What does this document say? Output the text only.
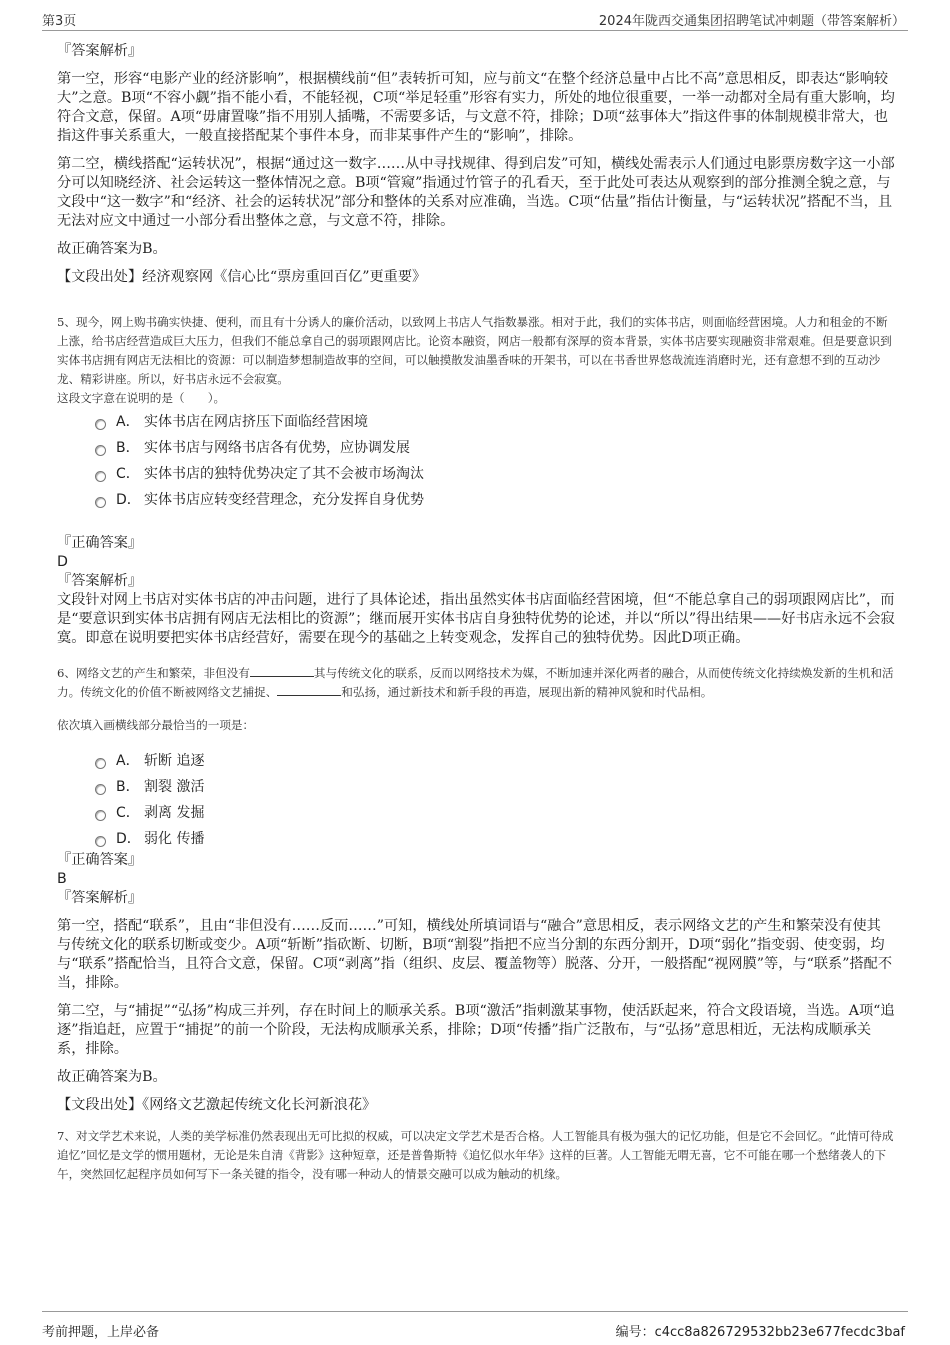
第3页	2024年陇西交通集团招聘笔试冲刺题（带答案解析）

『答案解析』

第一空，形容“电影产业的经济影响”，根据横线前“但”表转折可知，应与前文“在整个经济总量中占比不高”意思相反，即表达“影响较大”之意。B项“不容小觑”指不能小看，不能轻视，C项“举足轻重”形容有实力，所处的地位很重要，一举一动都对全局有重大影响，均符合文意，保留。A项“毋庸置喙”指不用别人插嘴，不需要多话，与文意不符，排除；D项“兹事体大”指这件事的体制规模非常大，也指这件事关系重大，一般直接搭配某个事件本身，而非某事件产生的“影响”，排除。

第二空，横线搭配“运转状况”，根据“通过这一数字……从中寻找规律、得到启发”可知，横线处需表示人们通过电影票房数字这一小部分可以知晓经济、社会运转这一整体情况之意。B项“管窥”指通过竹管子的孔看天，至于此处可表达从观察到的部分推测全貌之意，与文段中“这一数字”和“经济、社会的运转状况”部分和整体的关系对应准确，当选。C项“估量”指估计衡量，与“运转状况”搭配不当，且无法对应文中通过一小部分看出整体之意，与文意不符，排除。

故正确答案为B。

【文段出处】经济观察网《信心比“票房重回百亿”更重要》

5、现今，网上购书确实快捷、便利，而且有十分诱人的廉价活动，以致网上书店人气指数暴涨。相对于此，我们的实体书店，则面临经营困境。人力和租金的不断上涨，给书店经营造成巨大压力，但我们不能总拿自己的弱项跟网店比。论资本融资，网店一般都有深厚的资本背景，实体书店要实现融资非常艰难。但是要意识到实体书店拥有网店无法相比的资源：可以制造梦想制造故事的空间，可以触摸散发油墨香味的开架书，可以在书香世界悠哉流连消磨时光，还有意想不到的互动沙龙、精彩讲座。所以，好书店永远不会寂寞。

这段文字意在说明的是（　　）。

A． 实体书店在网店挤压下面临经营困境
B． 实体书店与网络书店各有优势，应协调发展
C． 实体书店的独特优势决定了其不会被市场淘汰
D． 实体书店应转变经营理念，充分发挥自身优势

『正确答案』

D

『答案解析』

文段针对网上书店对实体书店的冲击问题，进行了具体论述，指出虽然实体书店面临经营困境，但“不能总拿自己的弱项跟网店比”，而是“要意识到实体书店拥有网店无法相比的资源”；继而展开实体书店自身独特优势的论述，并以“所以”得出结果——好书店永远不会寂寞。即意在说明要把实体书店经营好，需要在现今的基础之上转变观念，发挥自己的独特优势。因此D项正确。

6、网络文艺的产生和繁荣，非但没有	其与传统文化的联系，反而以网络技术为媒，不断加速并深化两者的融合，从而使传统文化持续焕发新的生机和活力。传统文化的价值不断被网络文艺捕捉、	和弘扬，通过新技术和新手段的再造，展现出新的精神风貌和时代品相。

依次填入画横线部分最恰当的一项是：

A． 斩断 追逐
B． 割裂 激活
C． 剥离 发掘
D． 弱化 传播

『正确答案』

B

『答案解析』

第一空，搭配“联系”，且由“非但没有……反而……”可知，横线处所填词语与“融合”意思相反，表示网络文艺的产生和繁荣没有使其与传统文化的联系切断或变少。A项“斩断”指砍断、切断，B项“割裂”指把不应当分割的东西分割开，D项“弱化”指变弱、使变弱，均与“联系”搭配恰当，且符合文意，保留。C项“剥离”指（组织、皮层、覆盖物等）脱落、分开，一般搭配“视网膜”等，与“联系”搭配不当，排除。

第二空，与“捕捉”“弘扬”构成三并列，存在时间上的顺承关系。B项“激活”指刺激某事物，使活跃起来，符合文段语境，当选。A项“追逐”指追赶，应置于“捕捉”的前一个阶段，无法构成顺承关系，排除；D项“传播”指广泛散布，与“弘扬”意思相近，无法构成顺承关系，排除。

故正确答案为B。

【文段出处】《网络文艺激起传统文化长河新浪花》

7、对文学艺术来说，人类的美学标准仍然表现出无可比拟的权威，可以决定文学艺术是否合格。人工智能具有极为强大的记忆功能，但是它不会回忆。“此情可待成追忆”回忆是文学的惯用题材，无论是朱自清《背影》这种短章，还是普鲁斯特《追忆似水年华》这样的巨著。人工智能无喟无喜，它不可能在哪一个愁绪袭人的下午，突然回忆起程序员如何写下一条关键的指令，没有哪一种动人的情景交融可以成为触动的机缘。

考前押题，上岸必备	编号：c4cc8a826729532bb23e677fecdc3baf
